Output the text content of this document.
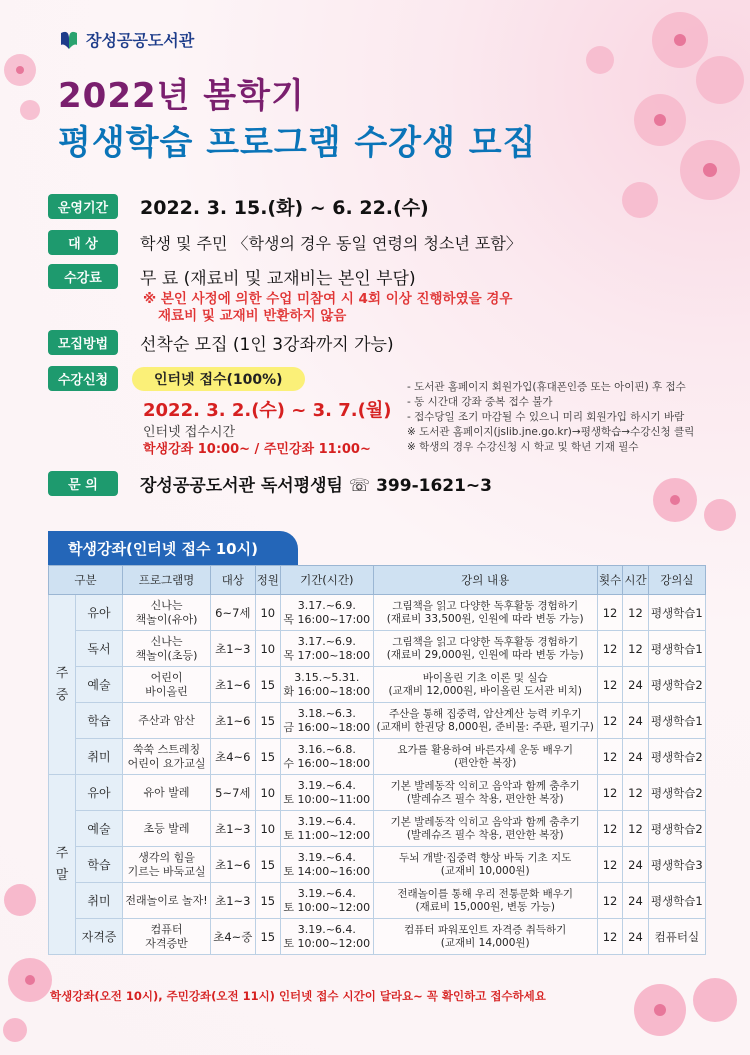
장성공공도서관
2022년 봄학기
평생학습 프로그램 수강생 모집
운영기간	2022. 3. 15.(화) ~ 6. 22.(수)
대 상	학생 및 주민 〈학생의 경우 동일 연령의 청소년 포함〉
수강료	무 료 (재료비 및 교재비는 본인 부담)
※ 본인 사정에 의한 수업 미참여 시 4회 이상 진행하였을 경우
재료비 및 교재비 반환하지 않음
모집방법	선착순 모집 (1인 3강좌까지 가능)
수강신청	인터넷 접수(100%)
2022. 3. 2.(수) ~ 3. 7.(월)
인터넷 접수시간
학생강좌 10:00~ / 주민강좌 11:00~
- 도서관 홈페이지 회원가입(휴대폰인증 또는 아이핀) 후 접수
- 동 시간대 강좌 중복 접수 불가
- 접수당일 조기 마감될 수 있으니 미리 회원가입 하시기 바람
※ 도서관 홈페이지(jslib.jne.go.kr)→평생학습→수강신청 클릭
※ 학생의 경우 수강신청 시 학교 및 학년 기재 필수
문 의	장성공공도서관 독서평생팀 ☏ 399-1621~3
학생강좌(인터넷 접수 10시)
구분		프로그램명	대상	정원	기간(시간)	강의 내용	횟수	시간	강의실
주 중	유아	신나는
책놀이(유아)	6~7세	10	3.17.~6.9.
목 16:00~17:00	그림책을 읽고 다양한 독후활동 경험하기
(재료비 33,500원, 인원에 따라 변동 가능)	12	12	평생학습1
	독서	신나는
책놀이(초등)	초1~3	10	3.17.~6.9.
목 17:00~18:00	그림책을 읽고 다양한 독후활동 경험하기
(재료비 29,000원, 인원에 따라 변동 가능)	12	12	평생학습1
	예술	어린이
바이올린	초1~6	15	3.15.~5.31.
화 16:00~18:00	바이올린 기초 이론 및 실습
(교재비 12,000원, 바이올린 도서관 비치)	12	24	평생학습2
	학습	주산과 암산	초1~6	15	3.18.~6.3.
금 16:00~18:00	주산을 통해 집중력, 암산계산 능력 키우기
(교재비 한권당 8,000원, 준비물: 주판, 필기구)	12	24	평생학습1
	취미	쑥쑥 스트레칭
어린이 요가교실	초4~6	15	3.16.~6.8.
수 16:00~18:00	요가를 활용하여 바른자세 운동 배우기
(편안한 복장)	12	24	평생학습2
주 말	유아	유아 발레	5~7세	10	3.19.~6.4.
토 10:00~11:00	기본 발레동작 익히고 음악과 함께 춤추기
(발레슈즈 필수 착용, 편안한 복장)	12	12	평생학습2
	예술	초등 발레	초1~3	10	3.19.~6.4.
토 11:00~12:00	기본 발레동작 익히고 음악과 함께 춤추기
(발레슈즈 필수 착용, 편안한 복장)	12	12	평생학습2
	학습	생각의 힘을
기르는 바둑교실	초1~6	15	3.19.~6.4.
토 14:00~16:00	두뇌 개발·집중력 향상 바둑 기초 지도
(교재비 10,000원)	12	24	평생학습3
	취미	전래놀이로 놀자!	초1~3	15	3.19.~6.4.
토 10:00~12:00	전래놀이를 통해 우리 전통문화 배우기
(재료비 15,000원, 변동 가능)	12	24	평생학습1
	자격증	컴퓨터
자격증반	초4~중	15	3.19.~6.4.
토 10:00~12:00	컴퓨터 파워포인트 자격증 취득하기
(교재비 14,000원)	12	24	컴퓨터실
학생강좌(오전 10시), 주민강좌(오전 11시) 인터넷 접수 시간이 달라요~ 꼭 확인하고 접수하세요
